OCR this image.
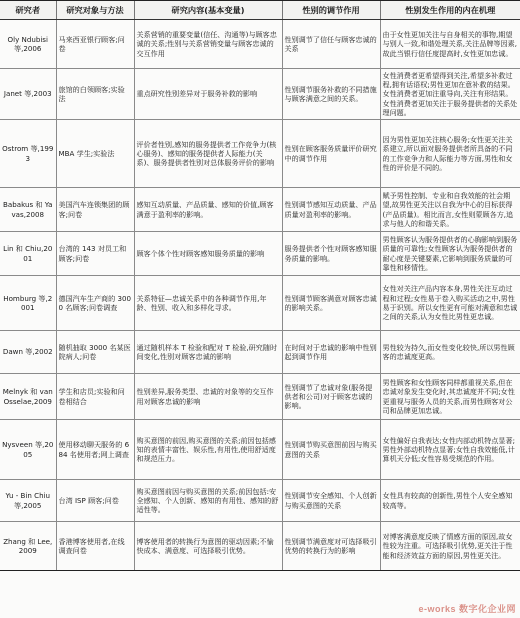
研究者	研究对象与方法	研究内容(基本变量)	性别的调节作用	性别发生作用的内在机理
Oly Ndubisi 等,2006	马来西亚银行顾客;问卷	关系营销的重要变量(信任、沟通等)与顾客忠诚的关系;性别与关系营销变量与顾客忠诚的交互作用	性别调节了信任与顾客忠诚的关系	由于女性更加关注与自身相关的事物,期望与别人一致,和谐处理关系,关注品牌等因素,故此当银行信任度提高时,女性更加忠诚。
Janet 等,2003	旅馆的白领顾客;实验法	重点研究性别差异对于服务补救的影响	性别调节服务补救的不同措施与顾客满意之间的关系。	女性消费者更希望得到关注,希望多补救过程,拥有话语权;男性更加在意补救的结果。女性消费者更加注重导向,关注有形结果。女性消费者更加关注于服务提供者的关系处理问题。
Ostrom 等,1993	MBA 学生;实验法	评价者性别,感知的服务提供者工作竞争力(核心服务)、感知的服务提供者人际能力(关系)、服务提供者性别对总体服务评价的影响	性别在顾客服务质量评价研究中的调节作用	因为男性更加关注核心服务;女性更关注关系建立,所以面对服务提供者所具备的不同的工作竞争力和人际能力等方面,男性和女性的评价是不同的。
Babakus 和 Yavas,2008	美国汽车连锁集团的顾客;问卷	感知互动质量、产品质量、感知的价值,顾客满意于盈利率的影响。	性别调节感知互动质量、产品质量对盈利率的影响。	赋予男性控制、专业和自我效能的社会期望,故男性更关注以自我为中心的目标获得(产品质量)。相比而言,女性则蒙顾各方,追求与他人的和谐关系。
Lin 和 Chiu,2001	台湾的 143 对员工和顾客;问卷	顾客个体个性对顾客感知服务质量的影响	服务提供者个性对顾客感知服务质量的影响。	男性顾客认为服务提供者的心胸影响到服务质量的可靠性;女性顾客认为服务提供者的耐心度是关键要素,它影响到服务质量的可靠性和移情性。
Homburg 等,2001	德国汽车生产商的 3000 名顾客;问卷调查	关系特征—忠诚关系中的各种调节作用,年龄、性别、收入和多样化寻求。	性别调节顾客满意对顾客忠诚的影响关系。	女性对关注产品内容本身,男性关注互动过程和过程;女性易于卷入购买活动之中,男性易于识别。所以女性更有可能对满意和忠诚之间的关系,认为女性比男性更忠诚。
Dawn 等,2002	随机抽取 3000 名某医院病人;问卷	通过随机样本 T 检验和配对 T 检验,研究随时间变化,性别对顾客忠诚的影响	在时间对于忠诚的影响中性别起到调节作用	男性较为持久,而女性变化较快,所以男性顾客的忠诚度更高。
Melnyk 和 van Osselae,2009	学生和店员;实验和问卷相结合	性别差异,服务类型、忠诚的对象等的交互作用对顾客忠诚的影响	性别调节了忠诚对象(服务提供者和公司)对于顾客忠诚的影响。	男性顾客和女性顾客同样都重视关系,但在忠诚对象发生变化时,其忠诚度并不同;女性更重视与服务人员的关系,而男性顾客对公司和品牌更加忠诚。
Nysveen 等,2005	使用移动聊天服务的 684 名使用者;网上调查	购买意图的前因,购买意图的关系;前因包括感知的表情丰富性、娱乐性,有用性,使用舒适度和规范压力。	性别调节购买意图前因与购买意图的关系	女性偏好自我表达;女性内部动机特点显著;男性外部动机特点显著;女性自我效能低,计算机天分低;女性容易受规范的作用。
Yu - Bin Chiu 等,2005	台湾 ISP 顾客;问卷	购买意图前因与购买意图的关系;前因包括:安全感知、个人创新、感知的有用性、感知的舒适性等。	性别调节安全感知、个人创新与购买意图的关系	女性具有较高的创新性,男性个人安全感知较高等。
Zhang 和 Lee,2009	香港博客使用者,在线调查问卷	博客使用者的转换行为意图的驱动因素;不愉快成本、满意度、可选择吸引优势。	性别调节满意度对可选择吸引优势的转换行为的影响	对博客满意度反映了情感方面的原因,故女性较为注重。可选择吸引优势,更关注于性能和经济效益方面的原因,男性更关注。
e-works 数字化企业网
